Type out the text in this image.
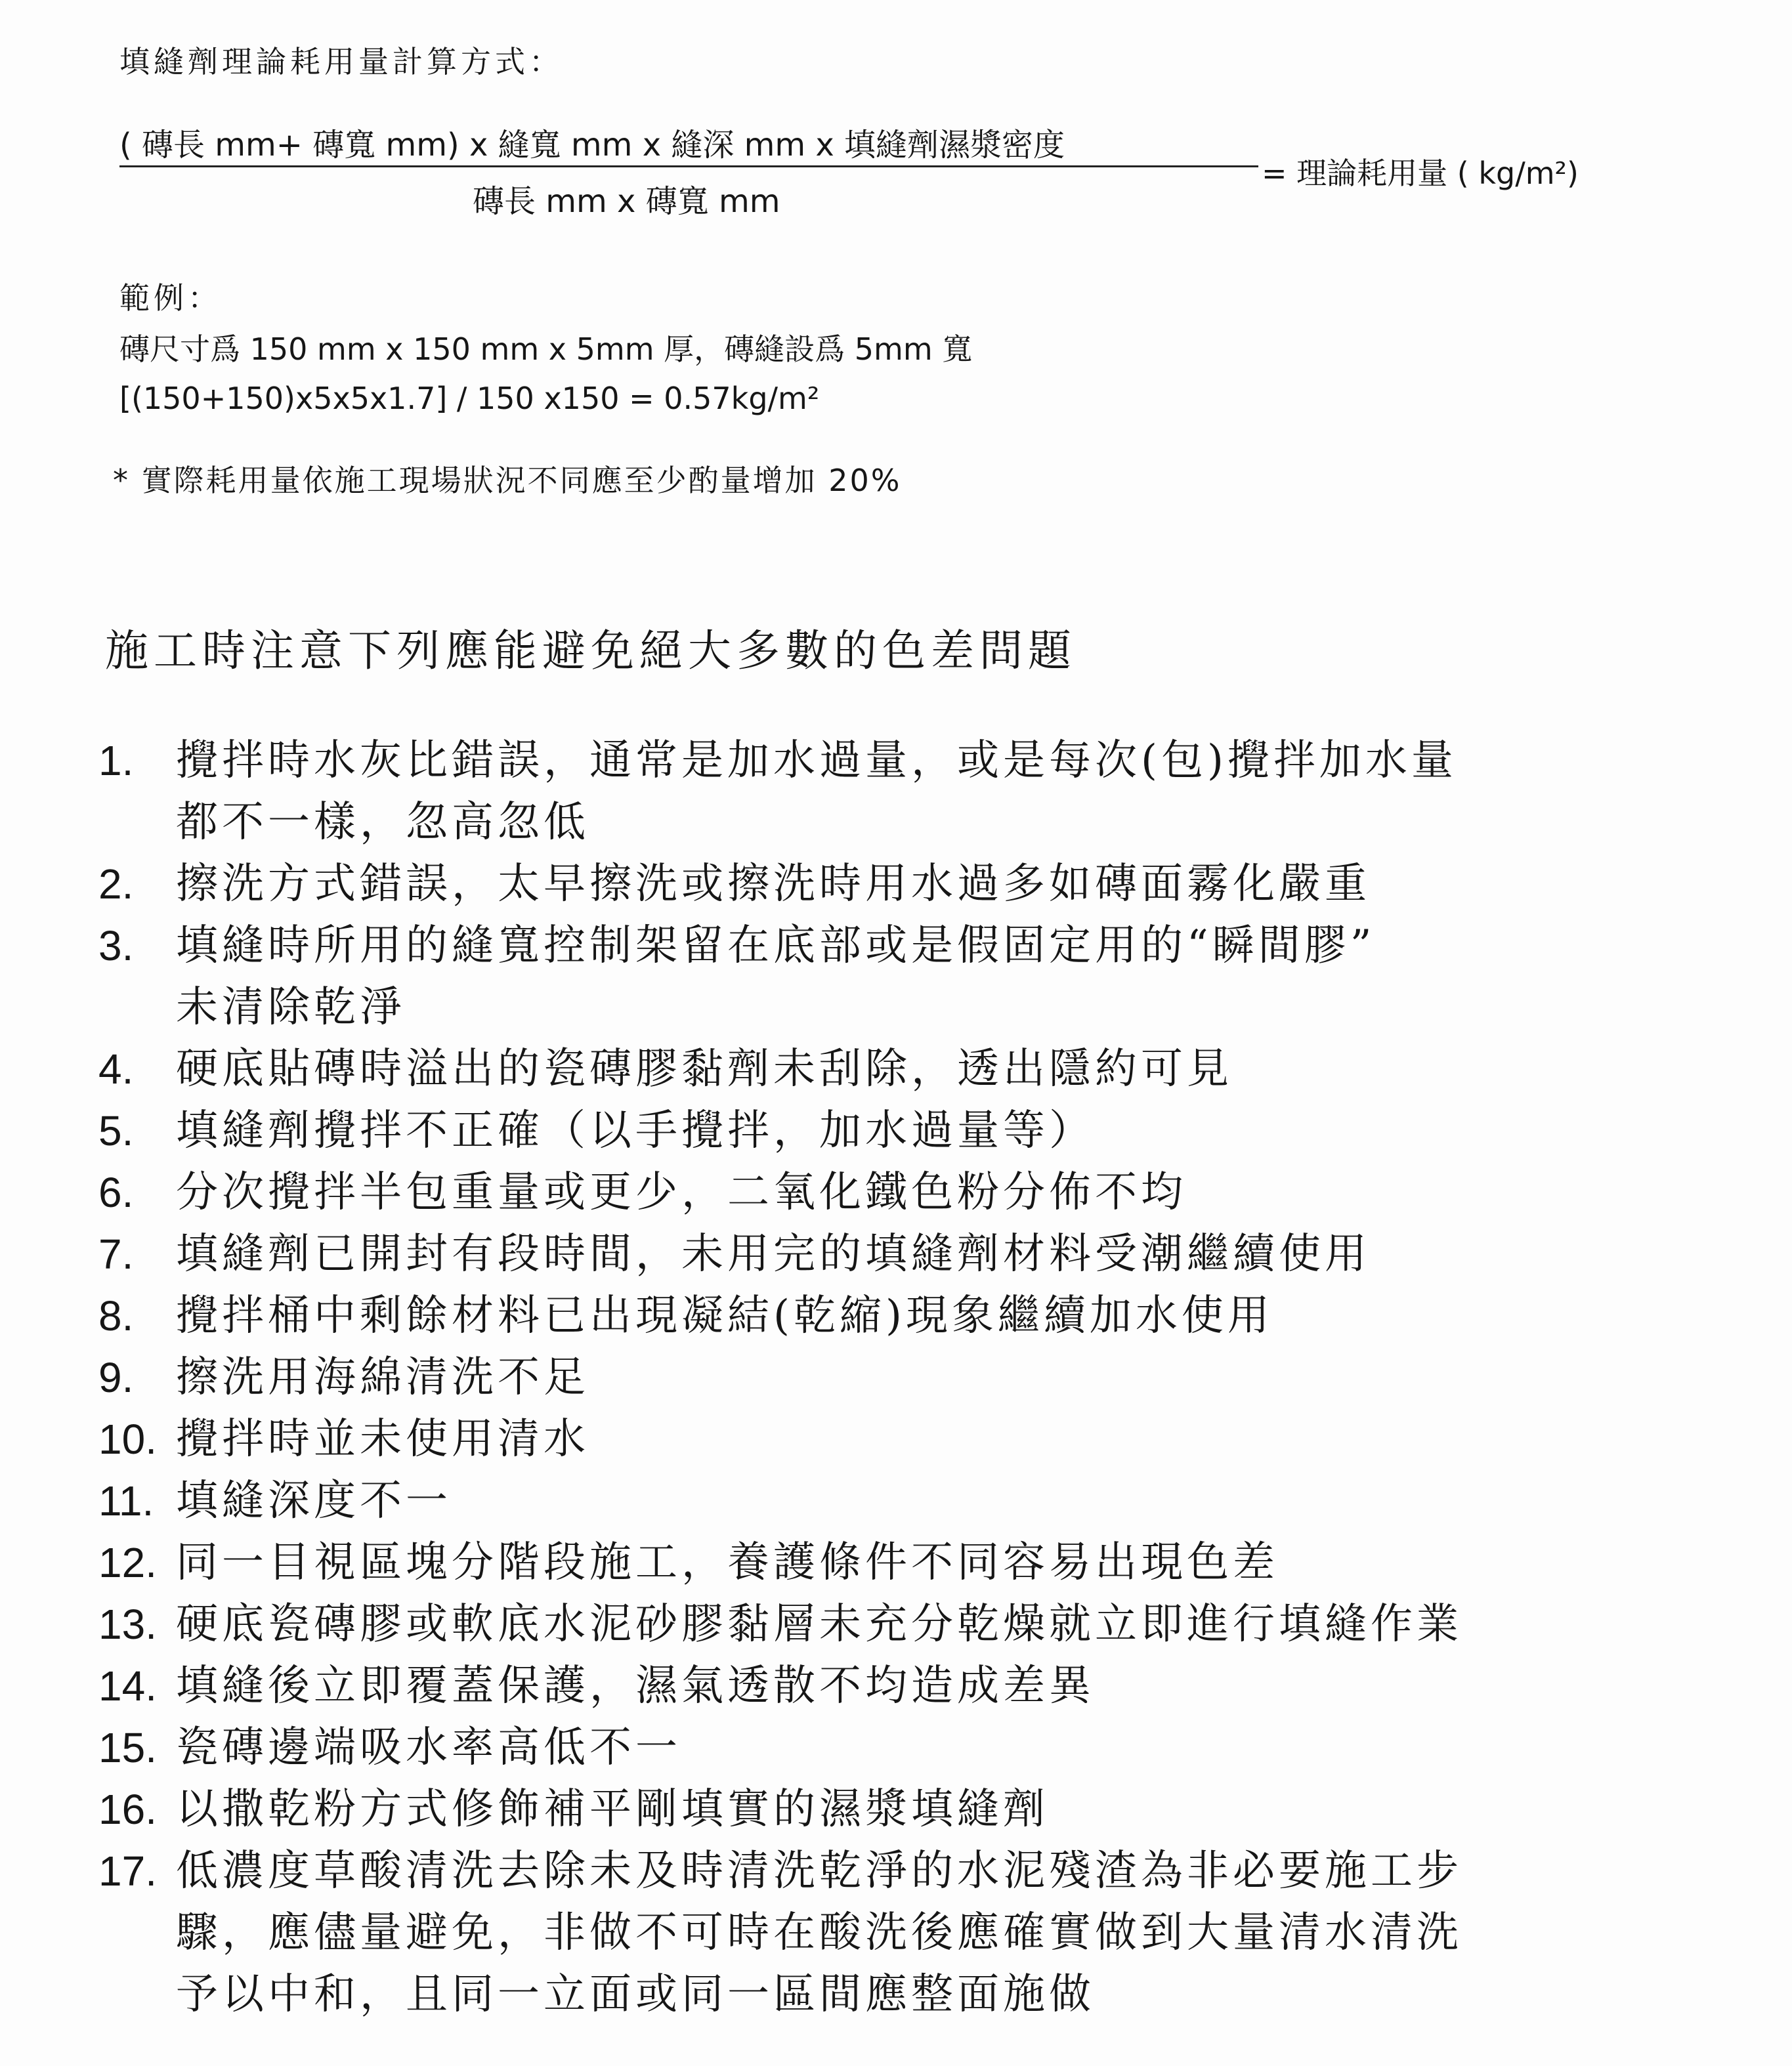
填縫劑理論耗用量計算方式：
( 磚長 mm+ 磚寬 mm) x 縫寬 mm x 縫深 mm x 填縫劑濕漿密度
= 理論耗用量 ( kg/m²)
磚長 mm x 磚寬 mm
範例：
磚尺寸爲 150 mm x 150 mm x 5mm 厚，磚縫設爲 5mm 寬
[(150+150)x5x5x1.7] / 150 x150 = 0.57kg/m²
* 實際耗用量依施工現場狀況不同應至少酌量增加 20%
施工時注意下列應能避免絕大多數的色差問題
1.	攪拌時水灰比錯誤，通常是加水過量，或是每次(包)攪拌加水量
都不一樣，忽高忽低
2.	擦洗方式錯誤，太早擦洗或擦洗時用水過多如磚面霧化嚴重
3.	填縫時所用的縫寬控制架留在底部或是假固定用的“瞬間膠”
未清除乾淨
4.	硬底貼磚時溢出的瓷磚膠黏劑未刮除，透出隱約可見
5.	填縫劑攪拌不正確（以手攪拌，加水過量等）
6.	分次攪拌半包重量或更少，二氧化鐵色粉分佈不均
7.	填縫劑已開封有段時間，未用完的填縫劑材料受潮繼續使用
8.	攪拌桶中剩餘材料已出現凝結(乾縮)現象繼續加水使用
9.	擦洗用海綿清洗不足
10. 攪拌時並未使用清水
11. 填縫深度不一
12. 同一目視區塊分階段施工，養護條件不同容易出現色差
13. 硬底瓷磚膠或軟底水泥砂膠黏層未充分乾燥就立即進行填縫作業
14. 填縫後立即覆蓋保護，濕氣透散不均造成差異
15. 瓷磚邊端吸水率高低不一
16. 以撒乾粉方式修飾補平剛填實的濕漿填縫劑
17. 低濃度草酸清洗去除未及時清洗乾淨的水泥殘渣為非必要施工步
驟，應儘量避免，非做不可時在酸洗後應確實做到大量清水清洗
予以中和，且同一立面或同一區間應整面施做
